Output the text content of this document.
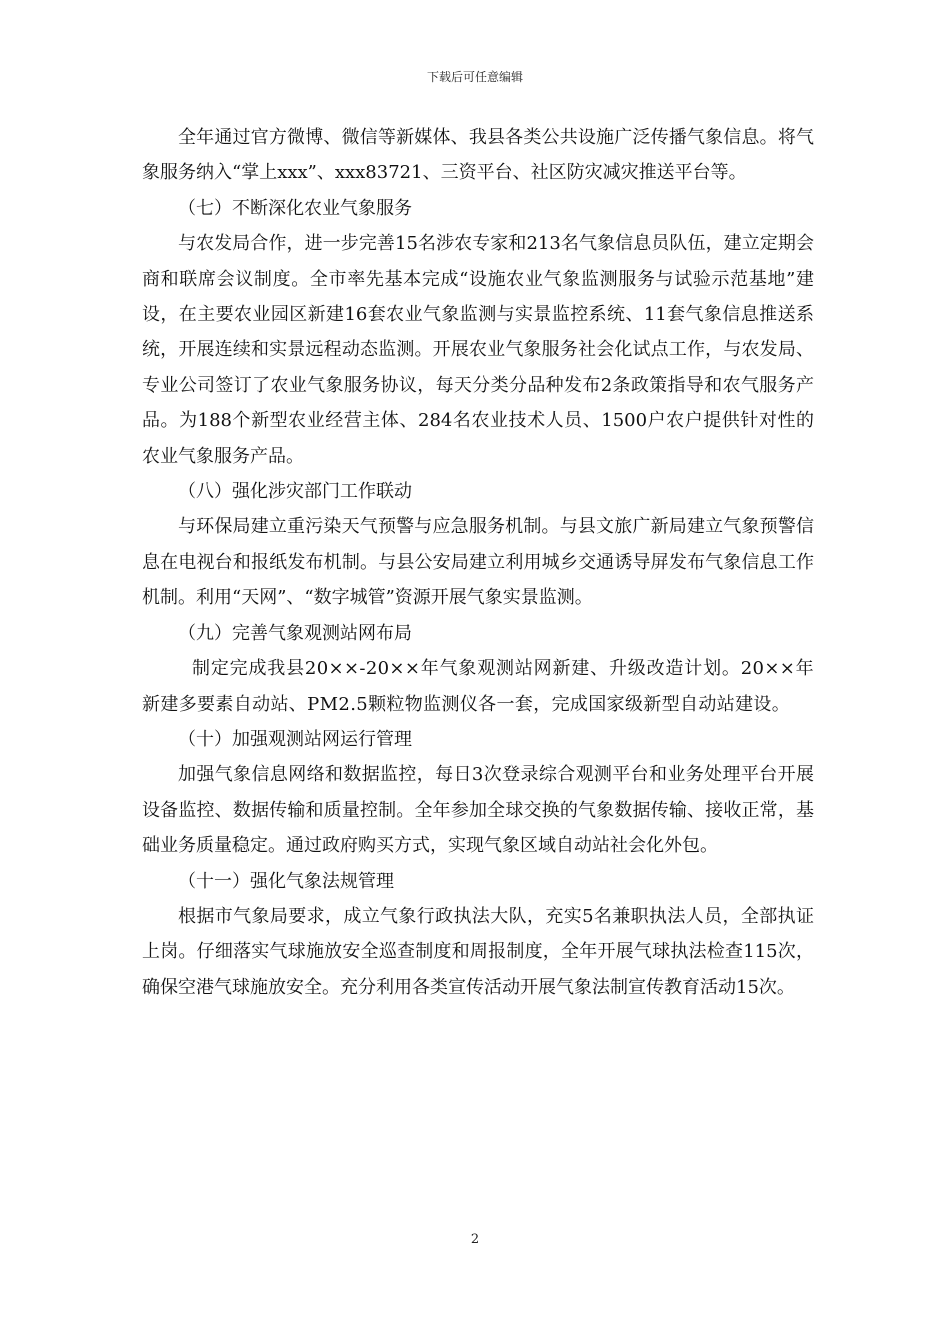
下载后可任意编辑

全年通过官方微博、微信等新媒体、我县各类公共设施广泛传播气象信息。将气象服务纳入“掌上xxx”、xxx83721、三资平台、社区防灾减灾推送平台等。

（七）不断深化农业气象服务

与农发局合作，进一步完善15名涉农专家和213名气象信息员队伍，建立定期会商和联席会议制度。全市率先基本完成“设施农业气象监测服务与试验示范基地”建设，在主要农业园区新建16套农业气象监测与实景监控系统、11套气象信息推送系统，开展连续和实景远程动态监测。开展农业气象服务社会化试点工作，与农发局、专业公司签订了农业气象服务协议，每天分类分品种发布2条政策指导和农气服务产品。为188个新型农业经营主体、284名农业技术人员、1500户农户提供针对性的农业气象服务产品。

（八）强化涉灾部门工作联动

与环保局建立重污染天气预警与应急服务机制。与县文旅广新局建立气象预警信息在电视台和报纸发布机制。与县公安局建立利用城乡交通诱导屏发布气象信息工作机制。利用“天网”、“数字城管”资源开展气象实景监测。

（九）完善气象观测站网布局

制定完成我县20××-20××年气象观测站网新建、升级改造计划。20××年新建多要素自动站、PM2.5颗粒物监测仪各一套，完成国家级新型自动站建设。

（十）加强观测站网运行管理

加强气象信息网络和数据监控，每日3次登录综合观测平台和业务处理平台开展设备监控、数据传输和质量控制。全年参加全球交换的气象数据传输、接收正常，基础业务质量稳定。通过政府购买方式，实现气象区域自动站社会化外包。

（十一）强化气象法规管理

根据市气象局要求，成立气象行政执法大队，充实5名兼职执法人员，全部执证上岗。仔细落实气球施放安全巡查制度和周报制度，全年开展气球执法检查115次，确保空港气球施放安全。充分利用各类宣传活动开展气象法制宣传教育活动15次。

2
